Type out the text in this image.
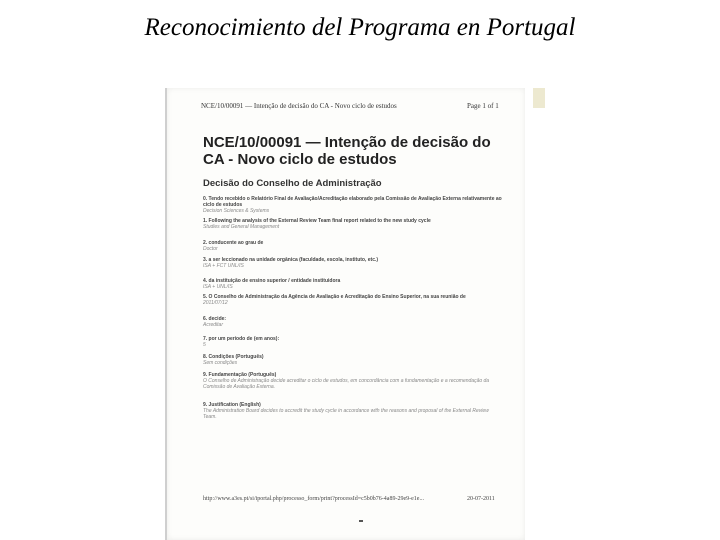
Reconocimiento del Programa en Portugal
NCE/10/00091 — Intenção de decisão do CA - Novo ciclo de estudos	Page 1 of 1
NCE/10/00091 — Intenção de decisão do CA - Novo ciclo de estudos
Decisão do Conselho de Administração
0. Tendo recebido o Relatório Final de Avaliação/Acreditação elaborado pela Comissão de Avaliação Externa relativamente ao ciclo de estudos
Decision Sciences & Systems
1. Following the analysis of the External Review Team final report related to the new study cycle
Studies and General Management
2. conducente ao grau de
Doctor
3. a ser leccionado na unidade orgânica (faculdade, escola, instituto, etc.)
ISA + FCT UNL/IS
4. da instituição de ensino superior / entidade instituidora
ISA + UNL/IS
5. O Conselho de Administração da Agência de Avaliação e Acreditação do Ensino Superior, na sua reunião de
2011/07/12
6. decide:
Acreditar
7. por um período de (em anos):
5
8. Condições (Português)
Sem condições
9. Fundamentação (Português)
O Conselho de Administração decide acreditar o ciclo de estudos, em concordância com a fundamentação e a recomendação da Comissão de Avaliação Externa.
9. Justification (English)
The Administration Board decides to accredit the study cycle in accordance with the reasons and proposal of the External Review Team.
http://www.a3es.pt/si/iportal.php/processo_form/print?processId=c5b0b76-4a89-29e9-e1e...	20-07-2011
